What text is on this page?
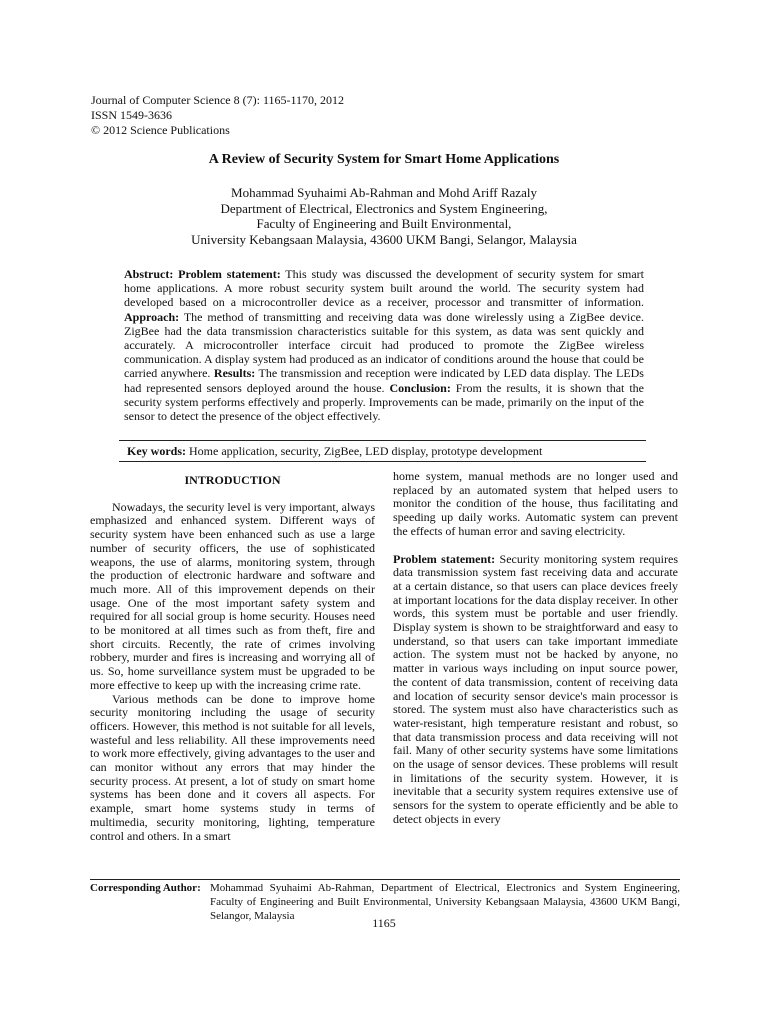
Journal of Computer Science 8 (7): 1165-1170, 2012
ISSN 1549-3636
© 2012 Science Publications
A Review of Security System for Smart Home Applications
Mohammad Syuhaimi Ab-Rahman and Mohd Ariff Razaly
Department of Electrical, Electronics and System Engineering,
Faculty of Engineering and Built Environmental,
University Kebangsaan Malaysia, 43600 UKM Bangi, Selangor, Malaysia
Abstruct: Problem statement: This study was discussed the development of security system for smart home applications. A more robust security system built around the world. The security system had developed based on a microcontroller device as a receiver, processor and transmitter of information. Approach: The method of transmitting and receiving data was done wirelessly using a ZigBee device. ZigBee had the data transmission characteristics suitable for this system, as data was sent quickly and accurately. A microcontroller interface circuit had produced to promote the ZigBee wireless communication. A display system had produced as an indicator of conditions around the house that could be carried anywhere. Results: The transmission and reception were indicated by LED data display. The LEDs had represented sensors deployed around the house. Conclusion: From the results, it is shown that the security system performs effectively and properly. Improvements can be made, primarily on the input of the sensor to detect the presence of the object effectively.
Key words: Home application, security, ZigBee, LED display, prototype development
INTRODUCTION

Nowadays, the security level is very important, always emphasized and enhanced system. Different ways of security system have been enhanced such as use a large number of security officers, the use of sophisticated weapons, the use of alarms, monitoring system, through the production of electronic hardware and software and much more. All of this improvement depends on their usage. One of the most important safety system and required for all social group is home security. Houses need to be monitored at all times such as from theft, fire and short circuits. Recently, the rate of crimes involving robbery, murder and fires is increasing and worrying all of us. So, home surveillance system must be upgraded to be more effective to keep up with the increasing crime rate.

Various methods can be done to improve home security monitoring including the usage of security officers. However, this method is not suitable for all levels, wasteful and less reliability. All these improvements need to work more effectively, giving advantages to the user and can monitor without any errors that may hinder the security process. At present, a lot of study on smart home systems has been done and it covers all aspects. For example, smart home systems study in terms of multimedia, security monitoring, lighting, temperature control and others. In a smart

home system, manual methods are no longer used and replaced by an automated system that helped users to monitor the condition of the house, thus facilitating and speeding up daily works. Automatic system can prevent the effects of human error and saving electricity.

Problem statement: Security monitoring system requires data transmission system fast receiving data and accurate at a certain distance, so that users can place devices freely at important locations for the data display receiver. In other words, this system must be portable and user friendly. Display system is shown to be straightforward and easy to understand, so that users can take important immediate action. The system must not be hacked by anyone, no matter in various ways including on input source power, the content of data transmission, content of receiving data and location of security sensor device's main processor is stored. The system must also have characteristics such as water-resistant, high temperature resistant and robust, so that data transmission process and data receiving will not fail. Many of other security systems have some limitations on the usage of sensor devices. These problems will result in limitations of the security system. However, it is inevitable that a security system requires extensive use of sensors for the system to operate efficiently and be able to detect objects in every

Corresponding Author: Mohammad Syuhaimi Ab-Rahman, Department of Electrical, Electronics and System Engineering, Faculty of Engineering and Built Environmental, University Kebangsaan Malaysia, 43600 UKM Bangi, Selangor, Malaysia
1165
